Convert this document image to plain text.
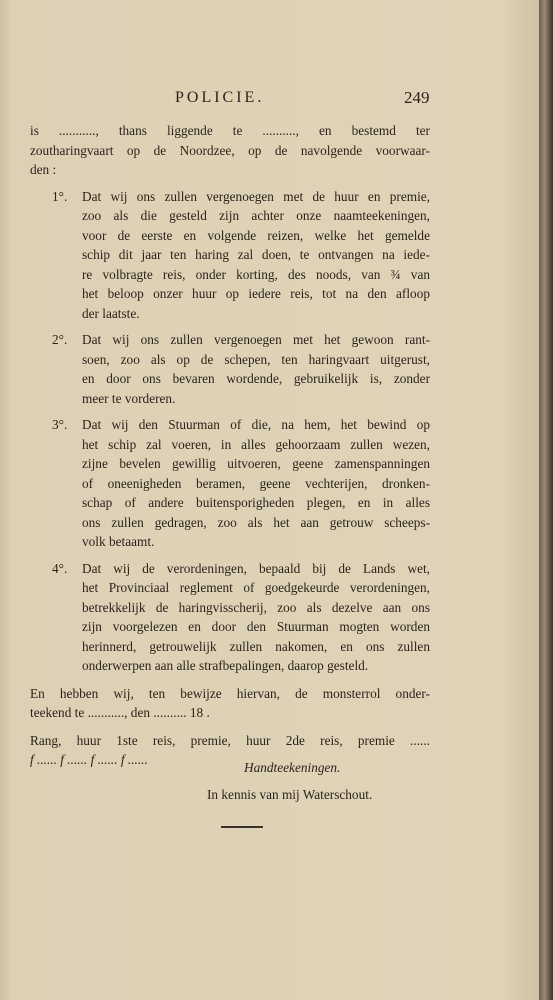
POLICIE.	249
is ..........., thans liggende te .........., en bestemd ter
zoutharingvaart op de Noordzee, op de navolgende voorwaar-
den :
1°. Dat wij ons zullen vergenoegen met de huur en premie,
zoo als die gesteld zijn achter onze naamteekeningen,
voor de eerste en volgende reizen, welke het gemelde
schip dit jaar ten haring zal doen, te ontvangen na iede-
re volbragte reis, onder korting, des noods, van ¾ van
het beloop onzer huur op iedere reis, tot na den afloop
der laatste.
2°. Dat wij ons zullen vergenoegen met het gewoon rant-
soen, zoo als op de schepen, ten haringvaart uitgerust,
en door ons bevaren wordende, gebruikelijk is, zonder
meer te vorderen.
3°. Dat wij den Stuurman of die, na hem, het bewind op
het schip zal voeren, in alles gehoorzaam zullen wezen,
zijne bevelen gewillig uitvoeren, geene zamenspanningen
of oneenigheden beramen, geene vechterijen, dronken-
schap of andere buitensporigheden plegen, en in alles
ons zullen gedragen, zoo als het aan getrouw scheeps-
volk betaamt.
4°. Dat wij de verordeningen, bepaald bij de Lands wet,
het Provinciaal reglement of goedgekeurde verordeningen,
betrekkelijk de haringvisscherij, zoo als dezelve aan ons
zijn voorgelezen en door den Stuurman mogten worden
herinnerd, getrouwelijk zullen nakomen, en ons zullen
onderwerpen aan alle strafbepalingen, daarop gesteld.
En hebben wij, ten bewijze hiervan, de monsterrol onder-
teekend te ..........., den .......... 18 .
Rang, huur 1ste reis, premie, huur 2de reis, premie ......
f ...... f ...... f ...... f ......
Handteekeningen.
In kennis van mij Waterschout.
